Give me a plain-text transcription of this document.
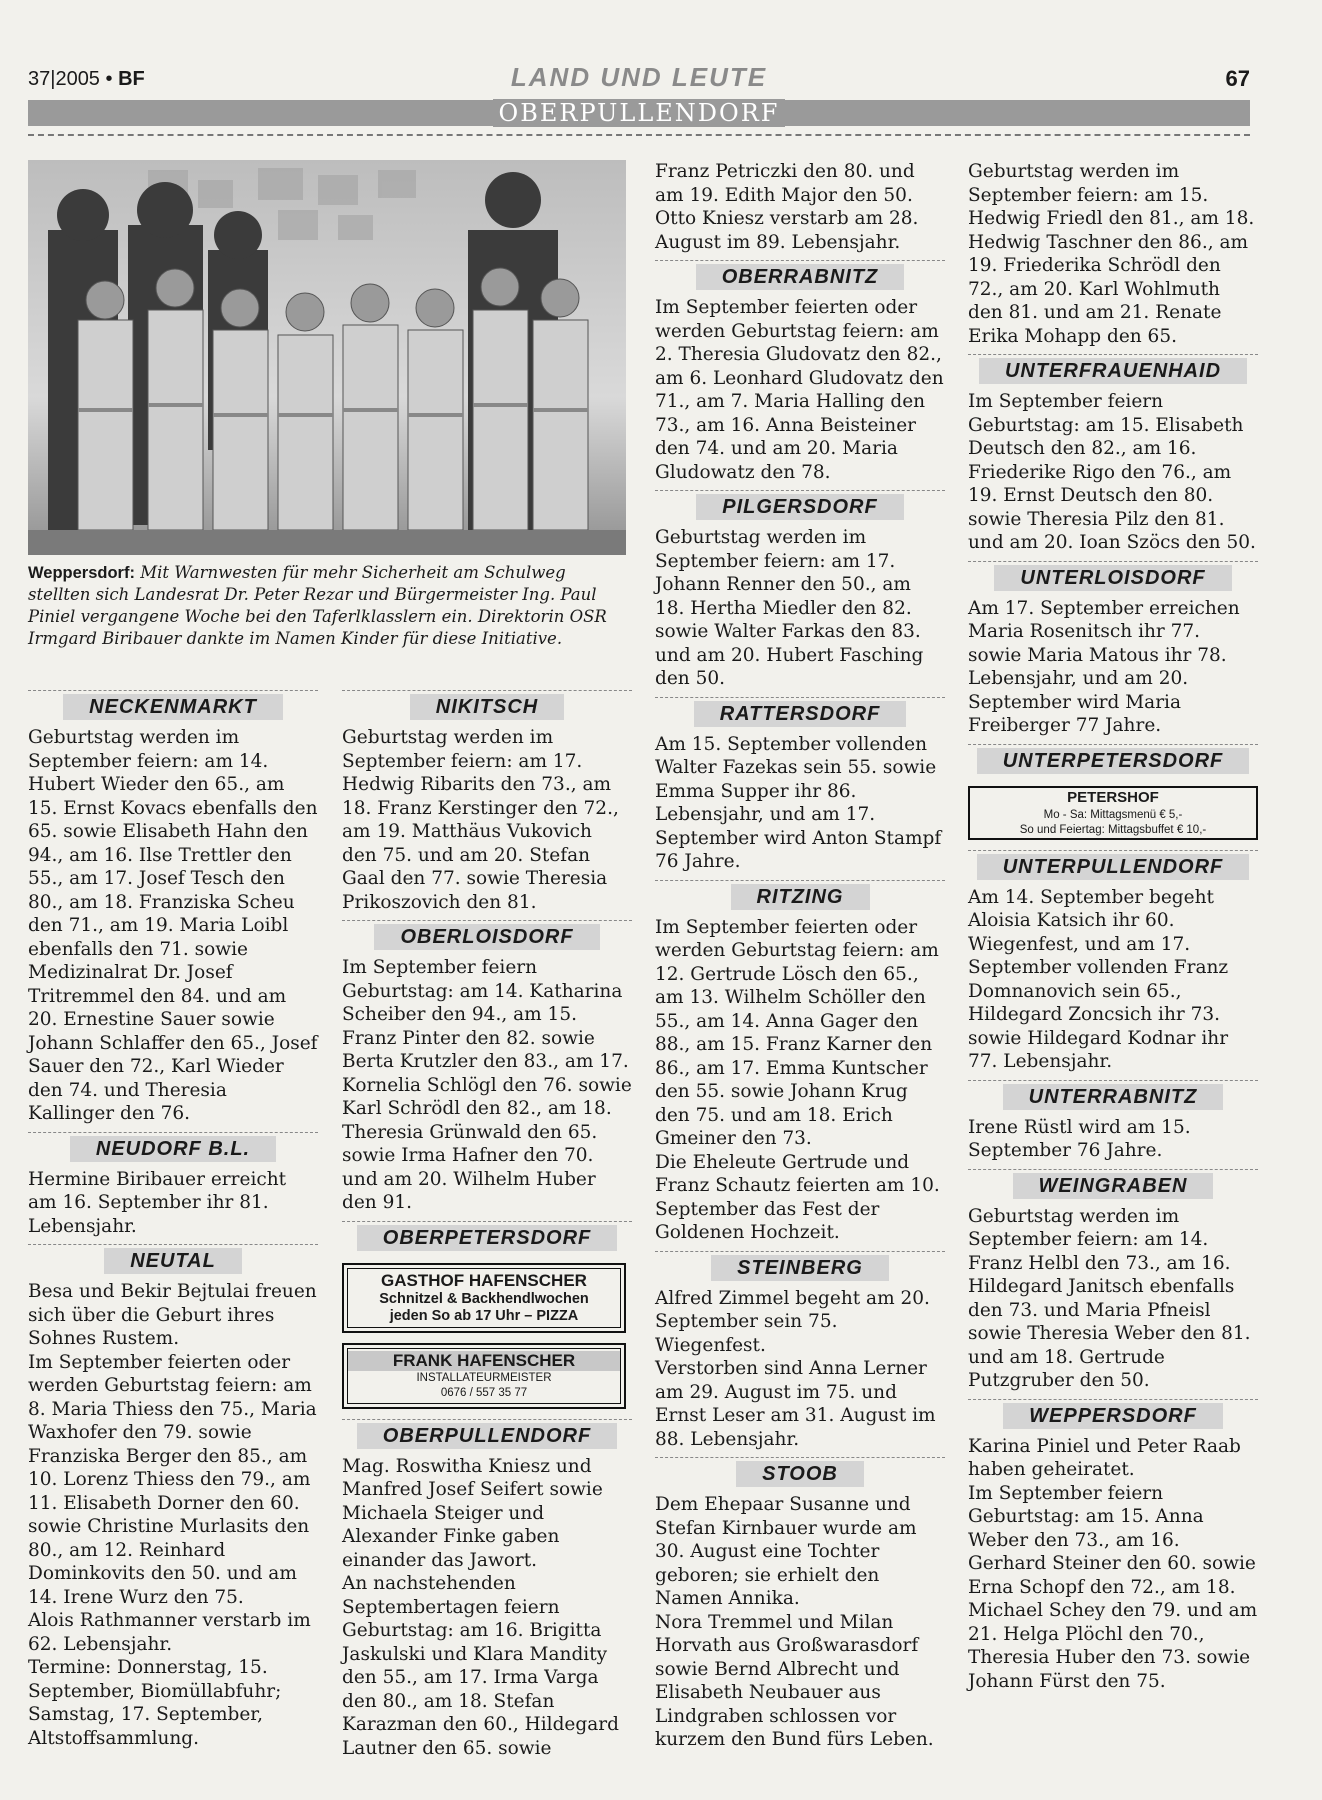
37|2005 • BF	LAND UND LEUTE	67
OBERPULLENDORF
Weppersdorf: Mit Warnwesten für mehr Sicherheit am Schulweg stellten sich Landesrat Dr. Peter Rezar und Bürgermeister Ing. Paul Piniel vergangene Woche bei den Taferlklasslern ein. Direktorin OSR Irmgard Biribauer dankte im Namen Kinder für diese Initiative.
NECKENMARKT

Geburtstag werden im September feiern: am 14. Hubert Wieder den 65., am 15. Ernst Kovacs ebenfalls den 65. sowie Elisabeth Hahn den 94., am 16. Ilse Trettler den 55., am 17. Josef Tesch den 80., am 18. Franziska Scheu den 71., am 19. Maria Loibl ebenfalls den 71. sowie Medizinalrat Dr. Josef Tritremmel den 84. und am 20. Ernestine Sauer sowie Johann Schlaffer den 65., Josef Sauer den 72., Karl Wieder den 74. und Theresia Kallinger den 76.

NEUDORF B.L.

Hermine Biribauer erreicht am 16. September ihr 81. Lebensjahr.

NEUTAL

Besa und Bekir Bejtulai freuen sich über die Geburt ihres Sohnes Rustem.

Im September feierten oder werden Geburtstag feiern: am 8. Maria Thiess den 75., Maria Waxhofer den 79. sowie Franziska Berger den 85., am 10. Lorenz Thiess den 79., am 11. Elisabeth Dorner den 60. sowie Christine Murlasits den 80., am 12. Reinhard Dominkovits den 50. und am 14. Irene Wurz den 75.

Alois Rathmanner verstarb im 62. Lebensjahr.

Termine: Donnerstag, 15. September, Biomüllabfuhr; Samstag, 17. September, Altstoffsammlung.

NIKITSCH

Geburtstag werden im September feiern: am 17. Hedwig Ribarits den 73., am 18. Franz Kerstinger den 72., am 19. Matthäus Vukovich den 75. und am 20. Stefan Gaal den 77. sowie Theresia Prikoszovich den 81.

OBERLOISDORF

Im September feiern Geburtstag: am 14. Katharina Scheiber den 94., am 15. Franz Pinter den 82. sowie Berta Krutzler den 83., am 17. Kornelia Schlögl den 76. sowie Karl Schrödl den 82., am 18. Theresia Grünwald den 65. sowie Irma Hafner den 70. und am 20. Wilhelm Huber den 91.

OBERPETERSDORF
GASTHOF HAFENSCHER
Schnitzel & Backhendlwochen
jeden So ab 17 Uhr – PIZZA
FRANK HAFENSCHER
INSTALLATEURMEISTER
0676 / 557 35 77
OBERPULLENDORF

Mag. Roswitha Kniesz und Manfred Josef Seifert sowie Michaela Steiger und Alexander Finke gaben einander das Jawort.

An nachstehenden Septembertagen feiern Geburtstag: am 16. Brigitta Jaskulski und Klara Mandity den 55., am 17. Irma Varga den 80., am 18. Stefan Karazman den 60., Hildegard Lautner den 65. sowie

Franz Petriczki den 80. und am 19. Edith Major den 50. Otto Kniesz verstarb am 28. August im 89. Lebensjahr.

OBERRABNITZ

Im September feierten oder werden Geburtstag feiern: am 2. Theresia Gludovatz den 82., am 6. Leonhard Gludovatz den 71., am 7. Maria Halling den 73., am 16. Anna Beisteiner den 74. und am 20. Maria Gludowatz den 78.

PILGERSDORF

Geburtstag werden im September feiern: am 17. Johann Renner den 50., am 18. Hertha Miedler den 82. sowie Walter Farkas den 83. und am 20. Hubert Fasching den 50.

RATTERSDORF

Am 15. September vollenden Walter Fazekas sein 55. sowie Emma Supper ihr 86. Lebensjahr, und am 17. September wird Anton Stampf 76 Jahre.

RITZING

Im September feierten oder werden Geburtstag feiern: am 12. Gertrude Lösch den 65., am 13. Wilhelm Schöller den 55., am 14. Anna Gager den 88., am 15. Franz Karner den 86., am 17. Emma Kuntscher den 55. sowie Johann Krug den 75. und am 18. Erich Gmeiner den 73.

Die Eheleute Gertrude und Franz Schautz feierten am 10. September das Fest der Goldenen Hochzeit.

STEINBERG

Alfred Zimmel begeht am 20. September sein 75. Wiegenfest.

Verstorben sind Anna Lerner am 29. August im 75. und Ernst Leser am 31. August im 88. Lebensjahr.

STOOB

Dem Ehepaar Susanne und Stefan Kirnbauer wurde am 30. August eine Tochter geboren; sie erhielt den Namen Annika.

Nora Tremmel und Milan Horvath aus Großwarasdorf sowie Bernd Albrecht und Elisabeth Neubauer aus Lindgraben schlossen vor kurzem den Bund fürs Leben.

Geburtstag werden im September feiern: am 15. Hedwig Friedl den 81., am 18. Hedwig Taschner den 86., am 19. Friederika Schrödl den 72., am 20. Karl Wohlmuth den 81. und am 21. Renate Erika Mohapp den 65.

UNTERFRAUENHAID

Im September feiern Geburtstag: am 15. Elisabeth Deutsch den 82., am 16. Friederike Rigo den 76., am 19. Ernst Deutsch den 80. sowie Theresia Pilz den 81. und am 20. Ioan Szöcs den 50.

UNTERLOISDORF

Am 17. September erreichen Maria Rosenitsch ihr 77. sowie Maria Matous ihr 78. Lebensjahr, und am 20. September wird Maria Freiberger 77 Jahre.

UNTERPETERSDORF
PETERSHOF
Mo - Sa: Mittagsmenü € 5,-
So und Feiertag: Mittagsbuffet € 10,-
UNTERPULLENDORF

Am 14. September begeht Aloisia Katsich ihr 60. Wiegenfest, und am 17. September vollenden Franz Domnanovich sein 65., Hildegard Zoncsich ihr 73. sowie Hildegard Kodnar ihr 77. Lebensjahr.

UNTERRABNITZ

Irene Rüstl wird am 15. September 76 Jahre.

WEINGRABEN

Geburtstag werden im September feiern: am 14. Franz Helbl den 73., am 16. Hildegard Janitsch ebenfalls den 73. und Maria Pfneisl sowie Theresia Weber den 81. und am 18. Gertrude Putzgruber den 50.

WEPPERSDORF

Karina Piniel und Peter Raab haben geheiratet.

Im September feiern Geburtstag: am 15. Anna Weber den 73., am 16. Gerhard Steiner den 60. sowie Erna Schopf den 72., am 18. Michael Schey den 79. und am 21. Helga Plöchl den 70., Theresia Huber den 73. sowie Johann Fürst den 75.
